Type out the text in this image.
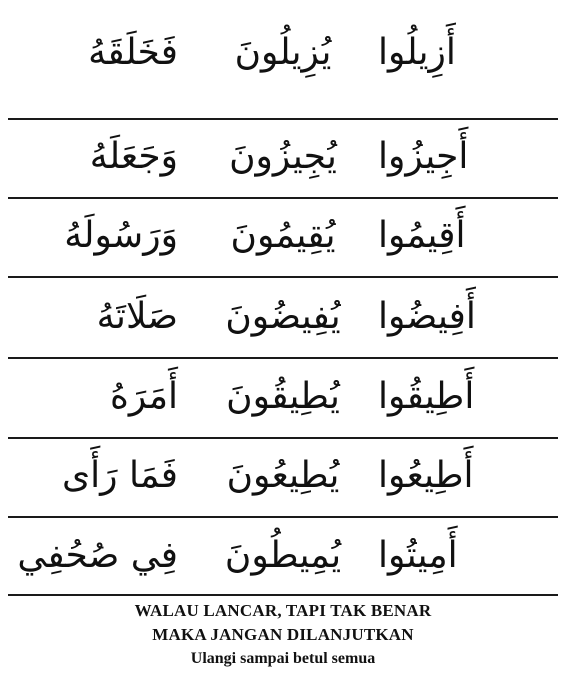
أَزِيلُوا
يُزِيلُونَ
فَخَلَقَهُ
أَجِيزُوا
يُجِيزُونَ
وَجَعَلَهُ
أَقِيمُوا
يُقِيمُونَ
وَرَسُولَهُ
أَفِيضُوا
يُفِيضُونَ
صَلَاتَهُ
أَطِيقُوا
يُطِيقُونَ
أَمَرَهُ
أَطِيعُوا
يُطِيعُونَ
فَمَا رَأَى
أَمِيتُوا
يُمِيطُونَ
فِي صُحُفِي
WALAU LANCAR, TAPI TAK BENAR
MAKA JANGAN DILANJUTKAN
Ulangi sampai betul semua
